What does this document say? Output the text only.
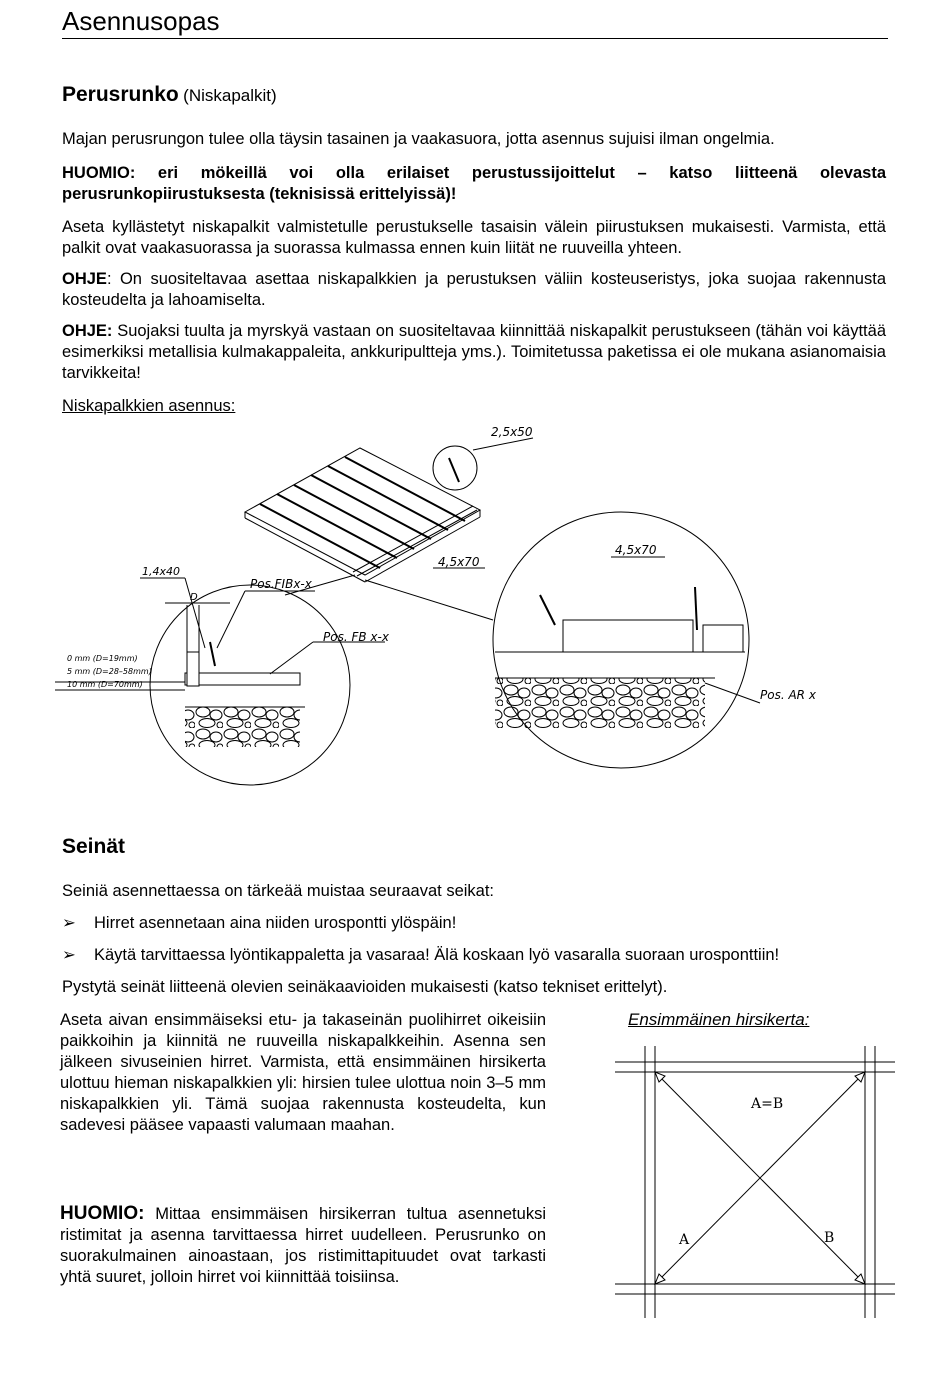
Asennusopas
Perusrunko (Niskapalkit)
Majan perusrungon tulee olla täysin tasainen ja vaakasuora, jotta asennus sujuisi ilman ongelmia.
HUOMIO: eri mökeillä voi olla erilaiset perustussijoittelut – katso liitteenä olevasta perusrunkopiirustuksesta (teknisissä erittelyissä)!
Aseta kyllästetyt niskapalkit valmistetulle perustukselle tasaisin välein piirustuksen mukaisesti. Varmista, että palkit ovat vaakasuorassa ja suorassa kulmassa ennen kuin liität ne ruuveilla yhteen.
OHJE: On suositeltavaa asettaa niskapalkkien ja perustuksen väliin kosteuseristys, joka suojaa rakennusta kosteudelta ja lahoamiselta.
OHJE: Suojaksi tuulta ja myrskyä vastaan on suositeltavaa kiinnittää niskapalkit perustukseen (tähän voi käyttää esimerkiksi metallisia kulmakappaleita, ankkuripultteja yms.). Toimitetussa paketissa ei ole mukana asianomaisia tarvikkeita!
Niskapalkkien asennus:
2,5x50
1,4x40
D
Pos.FIBx-x
Pos. FB x-x
0 mm (D=19mm)
5 mm (D=28–58mm)
10 mm (D=70mm)
4,5x70
4,5x70
Pos. AR x
Seinät
Seiniä asennettaessa on tärkeää muistaa seuraavat seikat:
➢ Hirret asennetaan aina niiden urospontti ylöspäin!
➢ Käytä tarvittaessa lyöntikappaletta ja vasaraa! Älä koskaan lyö vasaralla suoraan urosponttiin!
Pystytä seinät liitteenä olevien seinäkaavioiden mukaisesti (katso tekniset erittelyt).
Aseta aivan ensimmäiseksi etu- ja takaseinän puolihirret oikeisiin paikkoihin ja kiinnitä ne ruuveilla niskapalkkeihin. Asenna sen jälkeen sivuseinien hirret. Varmista, että ensimmäinen hirsikerta ulottuu hieman niskapalkkien yli: hirsien tulee ulottua noin 3–5 mm niskapalkkien yli. Tämä suojaa rakennusta kosteudelta, kun sadevesi pääsee vapaasti valumaan maahan.
HUOMIO: Mittaa ensimmäisen hirsikerran tultua asennetuksi ristimitat ja asenna tarvittaessa hirret uudelleen. Perusrunko on suorakulmainen ainoastaan, jos ristimittapituudet ovat tarkasti yhtä suuret, jolloin hirret voi kiinnittää toisiinsa.
Ensimmäinen hirsikerta:
A=B
A	B
